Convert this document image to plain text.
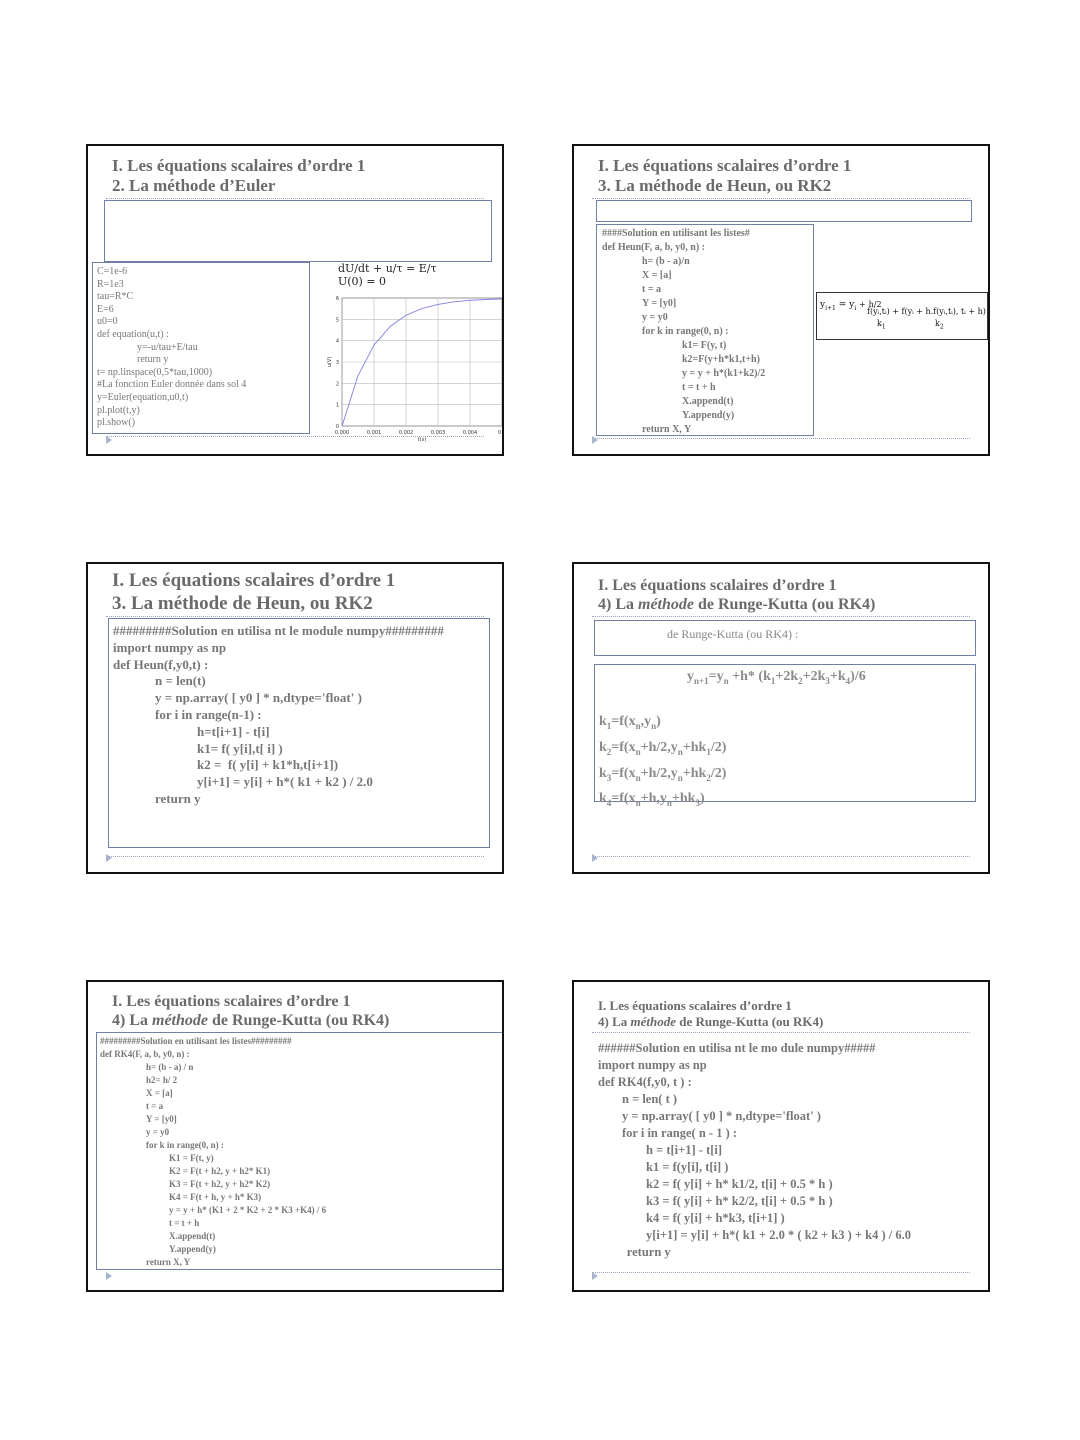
I. Les équations scalaires d’ordre 1
2. La méthode d’Euler
C=1e-6
R=1e3
tau=R*C
E=6
u0=0
def equation(u,t) :
y=-u/tau+E/tau
return y
t= np.linspace(0,5*tau,1000)
#La fonction Euler donnée dans sol 4
y=Euler(equation,u0,t)
pl.plot(t,y)
pl.show()
dU/dt + u/τ = E/τ
U(0) = 0
0.000	0.001	0.002	0.003	0.004	0.0
0
1
2
3
4
5
6
t(s)
u(V)
I. Les équations scalaires d’ordre 1
3. La méthode de Heun, ou RK2
####Solution en utilisant les listes#
def Heun(F, a, b, y0, n) :
h= (b - a)/n
X = [a]
t = a
Y = [y0]
y = y0
for k in range(0, n) :
k1= F(y, t)
k2=F(y+h*k1,t+h)
y = y + h*(k1+k2)/2
t = t + h
X.append(t)
Y.append(y)
return X, Y
$y_{i+1} = y_i + h/2$
f(yᵢ,tᵢ) + f(yᵢ + h.f(yᵢ,tᵢ), tᵢ + h)
$k_1$	$k_2$
I. Les équations scalaires d’ordre 1
3. La méthode de Heun, ou RK2
#########Solution en utilisa nt le module numpy#########
import numpy as np
def Heun(f,y0,t) :
n = len(t)
y = np.array( [ y0 ] * n,dtype='float' )
for i in range(n-1) :
h=t[i+1] - t[i]
k1= f( y[i],t[ i] )
k2 =  f( y[i] + k1*h,t[i+1])
y[i+1] = y[i] + h*( k1 + k2 ) / 2.0
return y
I. Les équations scalaires d’ordre 1
4) La méthode de Runge-Kutta (ou RK4)
de Runge-Kutta (ou RK4) :
$y_{n+1}=y_n +h*$ $(k_1+2k_2+2k_3+k_4)/6$
$k_1=f(x_n,y_n)$
$k_2=f(x_n+h/2,y_n+hk_1/2)$
$k_3=f(x_n+h/2,y_n+hk_2/2)$
$k_4=f(x_n+h,y_n+hk_3)$
I. Les équations scalaires d’ordre 1
4) La méthode de Runge-Kutta (ou RK4)
#########Solution en utilisant les listes#########
def RK4(F, a, b, y0, n) :
h= (b - a) / n
h2= h/ 2
X = [a]
t = a
Y = [y0]
y = y0
for k in range(0, n) :
K1 = F(t, y)
K2 = F(t + h2, y + h2* K1)
K3 = F(t + h2, y + h2* K2)
K4 = F(t + h, y + h* K3)
y = y + h* (K1 + 2 * K2 + 2 * K3 +K4) / 6
t = t + h
X.append(t)
Y.append(y)
return X, Y
I. Les équations scalaires d’ordre 1
4) La méthode de Runge-Kutta (ou RK4)
######Solution en utilisa nt le mo dule numpy#####
import numpy as np
def RK4(f,y0, t ) :
n = len( t )
y = np.array( [ y0 ] * n,dtype='float' )
for i in range( n - 1 ) :
h = t[i+1] - t[i]
k1 = f(y[i], t[i] )
k2 = f( y[i] + h* k1/2, t[i] + 0.5 * h )
k3 = f( y[i] + h* k2/2, t[i] + 0.5 * h )
k4 = f( y[i] + h*k3, t[i+1] )
y[i+1] = y[i] + h*( k1 + 2.0 * ( k2 + k3 ) + k4 ) / 6.0
return y
